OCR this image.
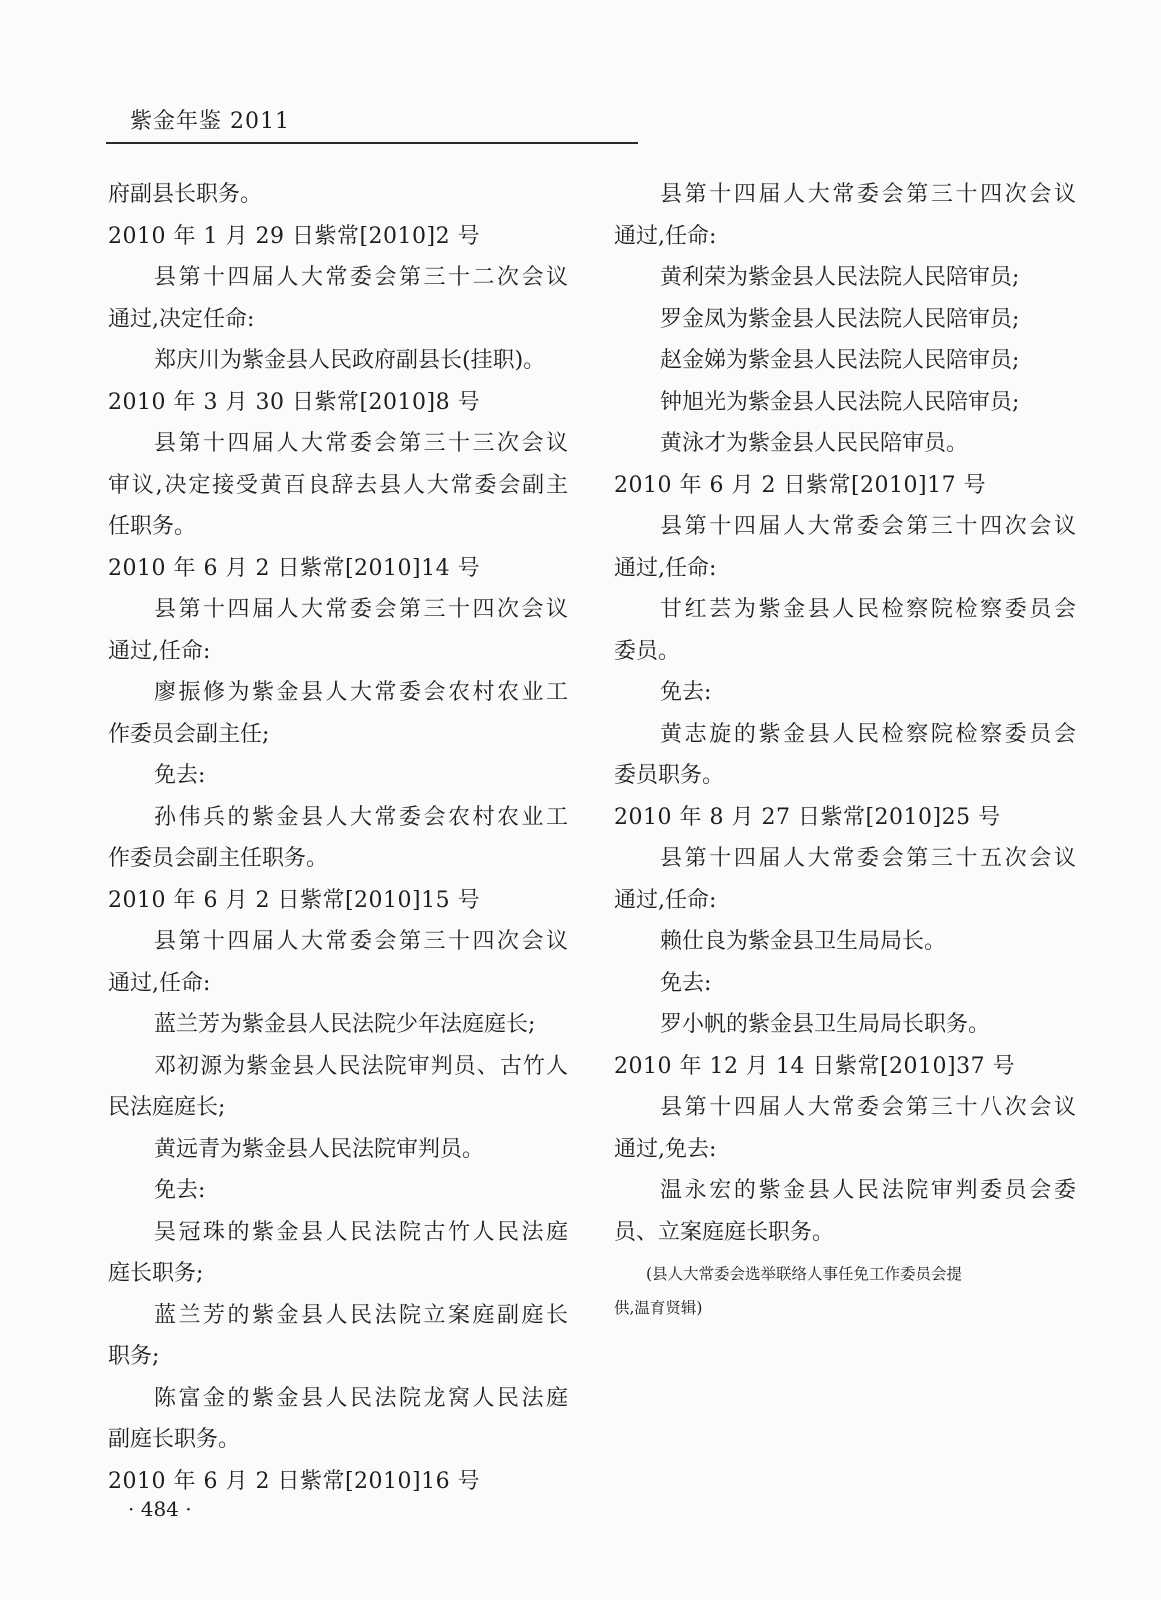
紫金年鉴 2011
府副县长职务。
2010 年 1 月 29 日紫常[2010]2 号
县第十四届人大常委会第三十二次会议
通过,决定任命:
郑庆川为紫金县人民政府副县长(挂职)。
2010 年 3 月 30 日紫常[2010]8 号
县第十四届人大常委会第三十三次会议
审议,决定接受黄百良辞去县人大常委会副主
任职务。
2010 年 6 月 2 日紫常[2010]14 号
县第十四届人大常委会第三十四次会议
通过,任命:
廖振修为紫金县人大常委会农村农业工
作委员会副主任;
免去:
孙伟兵的紫金县人大常委会农村农业工
作委员会副主任职务。
2010 年 6 月 2 日紫常[2010]15 号
县第十四届人大常委会第三十四次会议
通过,任命:
蓝兰芳为紫金县人民法院少年法庭庭长;
邓初源为紫金县人民法院审判员、古竹人
民法庭庭长;
黄远青为紫金县人民法院审判员。
免去:
吴冠珠的紫金县人民法院古竹人民法庭
庭长职务;
蓝兰芳的紫金县人民法院立案庭副庭长
职务;
陈富金的紫金县人民法院龙窝人民法庭
副庭长职务。
2010 年 6 月 2 日紫常[2010]16 号
县第十四届人大常委会第三十四次会议
通过,任命:
黄利荣为紫金县人民法院人民陪审员;
罗金凤为紫金县人民法院人民陪审员;
赵金娣为紫金县人民法院人民陪审员;
钟旭光为紫金县人民法院人民陪审员;
黄泳才为紫金县人民民陪审员。
2010 年 6 月 2 日紫常[2010]17 号
县第十四届人大常委会第三十四次会议
通过,任命:
甘红芸为紫金县人民检察院检察委员会
委员。
免去:
黄志旋的紫金县人民检察院检察委员会
委员职务。
2010 年 8 月 27 日紫常[2010]25 号
县第十四届人大常委会第三十五次会议
通过,任命:
赖仕良为紫金县卫生局局长。
免去:
罗小帆的紫金县卫生局局长职务。
2010 年 12 月 14 日紫常[2010]37 号
县第十四届人大常委会第三十八次会议
通过,免去:
温永宏的紫金县人民法院审判委员会委
员、立案庭庭长职务。
(县人大常委会选举联络人事任免工作委员会提
供,温育贤辑)
· 484 ·
